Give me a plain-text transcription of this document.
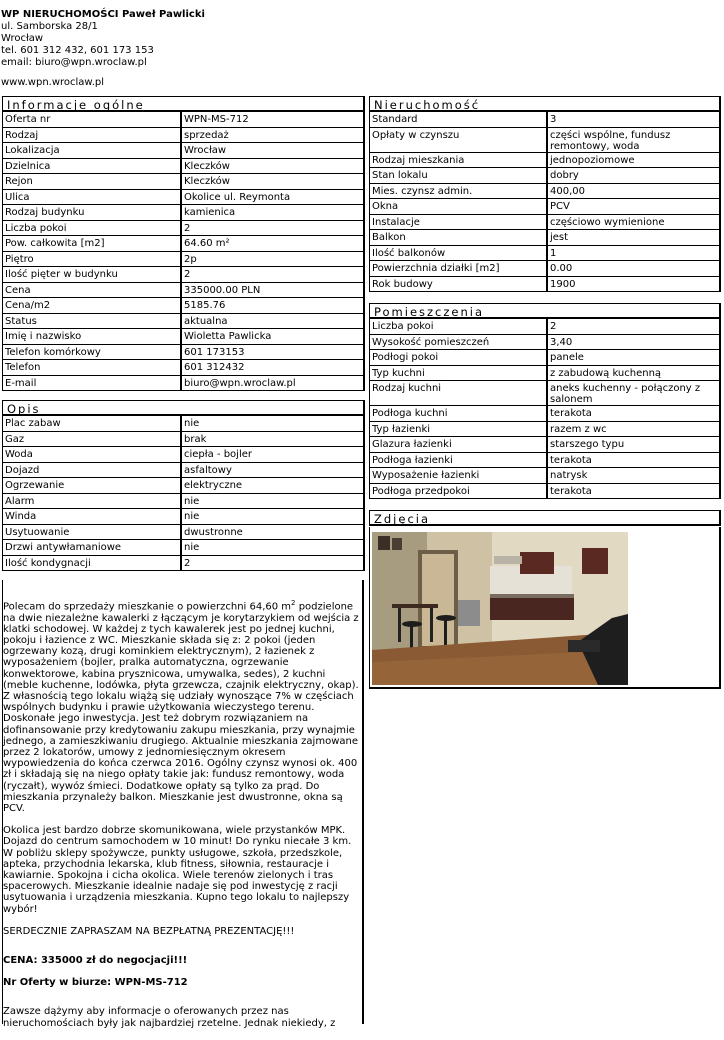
WP NIERUCHOMOŚCI Paweł Pawlicki
ul. Samborska 28/1
Wrocław
tel. 601 312 432, 601 173 153
email: biuro@wpn.wroclaw.pl
www.wpn.wroclaw.pl
Informacje ogólne
Oferta nr	WPN-MS-712
Rodzaj	sprzedaż
Lokalizacja	Wrocław
Dzielnica	Kleczków
Rejon	Kleczków
Ulica	Okolice ul. Reymonta
Rodzaj budynku	kamienica
Liczba pokoi	2
Pow. całkowita [m2]	64.60 m²
Piętro	2p
Ilość pięter w budynku	2
Cena	335000.00 PLN
Cena/m2	5185.76
Status	aktualna
Imię i nazwisko	Wioletta Pawlicka
Telefon komórkowy	601 173153
Telefon	601 312432
E-mail	biuro@wpn.wroclaw.pl
Opis
Plac zabaw	nie
Gaz	brak
Woda	ciepła - bojler
Dojazd	asfaltowy
Ogrzewanie	elektryczne
Alarm	nie
Winda	nie
Usytuowanie	dwustronne
Drzwi antywłamaniowe	nie
Ilość kondygnacji	2
Nieruchomość
Standard	3
Opłaty w czynszu	części wspólne, fundusz remontowy, woda
Rodzaj mieszkania	jednopoziomowe
Stan lokalu	dobry
Mies. czynsz admin.	400,00
Okna	PCV
Instalacje	częściowo wymienione
Balkon	jest
Ilość balkonów	1
Powierzchnia działki [m2]	0.00
Rok budowy	1900
Pomieszczenia
Liczba pokoi	2
Wysokość pomieszczeń	3,40
Podłogi pokoi	panele
Typ kuchni	z zabudową kuchenną
Rodzaj kuchni	aneks kuchenny - połączony z salonem
Podłoga kuchni	terakota
Typ łazienki	razem z wc
Glazura łazienki	starszego typu
Podłoga łazienki	terakota
Wyposażenie łazienki	natrysk
Podłoga przedpokoi	terakota
Zdjęcia

Polecam do sprzedaży mieszkanie o powierzchni 64,60 $m^2$ podzielone na dwie niezależne kawalerki z łączącym je korytarzykiem od wejścia z klatki schodowej. W każdej z tych kawalerek jest po jednej kuchni, pokoju i łazience z WC. Mieszkanie składa się z: 2 pokoi (jeden ogrzewany kozą, drugi kominkiem elektrycznym), 2 łazienek z wyposażeniem (bojler, pralka automatyczna, ogrzewanie konwektorowe, kabina prysznicowa, umywalka, sedes), 2 kuchni (meble kuchenne, lodówka, płyta grzewcza, czajnik elektryczny, okap). Z własnością tego lokalu wiążą się udziały wynoszące 7% w częściach wspólnych budynku i prawie użytkowania wieczystego terenu. Doskonałe jego inwestycja. Jest też dobrym rozwiązaniem na dofinansowanie przy kredytowaniu zakupu mieszkania, przy wynajmie jednego, a zamieszkiwaniu drugiego. Aktualnie mieszkania zajmowane przez 2 lokatorów, umowy z jednomiesięcznym okresem wypowiedzenia do końca czerwca 2016. Ogólny czynsz wynosi ok. 400 zł i składają się na niego opłaty takie jak: fundusz remontowy, woda (ryczałt), wywóz śmieci. Dodatkowe opłaty są tylko za prąd. Do mieszkania przynależy balkon. Mieszkanie jest dwustronne, okna są PCV.

Okolica jest bardzo dobrze skomunikowana, wiele przystanków MPK. Dojazd do centrum samochodem w 10 minut! Do rynku niecałe 3 km. W pobliżu sklepy spożywcze, punkty usługowe, szkoła, przedszkole, apteka, przychodnia lekarska, klub fitness, siłownia, restauracje i kawiarnie. Spokojna i cicha okolica. Wiele terenów zielonych i tras spacerowych. Mieszkanie idealnie nadaje się pod inwestycję z racji usytuowania i urządzenia mieszkania. Kupno tego lokalu to najlepszy wybór!

SERDECZNIE ZAPRASZAM NA BEZPŁATNĄ PREZENTACJĘ!!!

CENA: 335000 zł do negocjacji!!!

Nr Oferty w biurze: WPN-MS-712

Zawsze dążymy aby informacje o oferowanych przez nas nieruchomościach były jak najbardziej rzetelne. Jednak niekiedy, z
